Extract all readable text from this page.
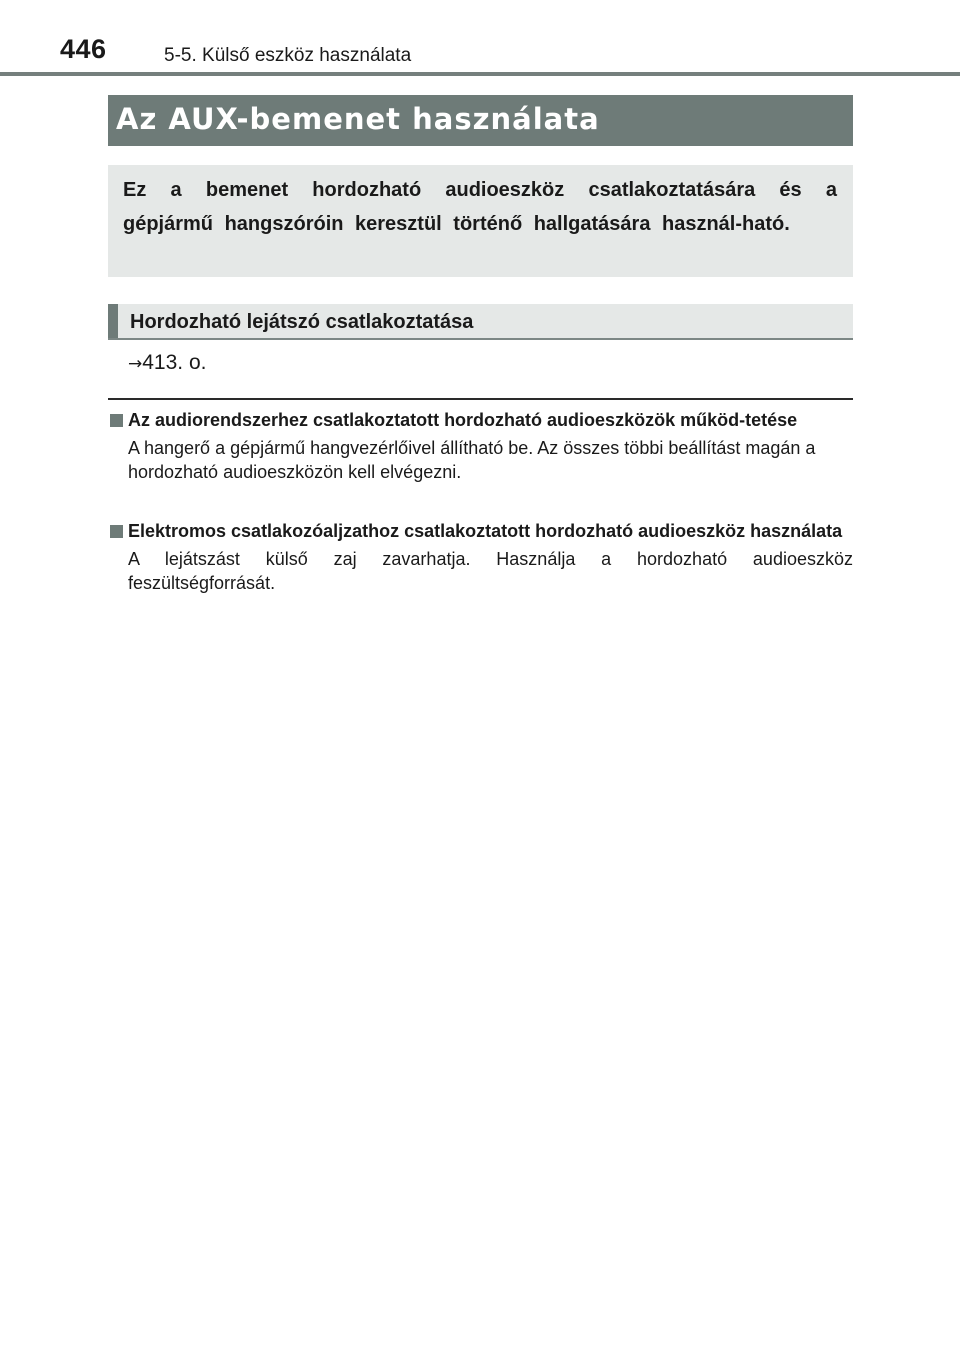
446	5-5. Külső eszköz használata
Az AUX-bemenet használata

Ez a bemenet hordozható audioeszköz csatlakoztatására és a gépjármű hangszóróin keresztül történő hallgatására használ-ható.

Hordozható lejátszó csatlakoztatása
→413. o.

Az audiorendszerhez csatlakoztatott hordozható audioeszközök működ-tetése

A hangerő a gépjármű hangvezérlőivel állítható be. Az összes többi beállítást magán a hordozható audioeszközön kell elvégezni.

Elektromos csatlakozóaljzathoz csatlakoztatott hordozható audioeszköz használata

A lejátszást külső zaj zavarhatja. Használja a hordozható audioeszköz feszültségforrását.
